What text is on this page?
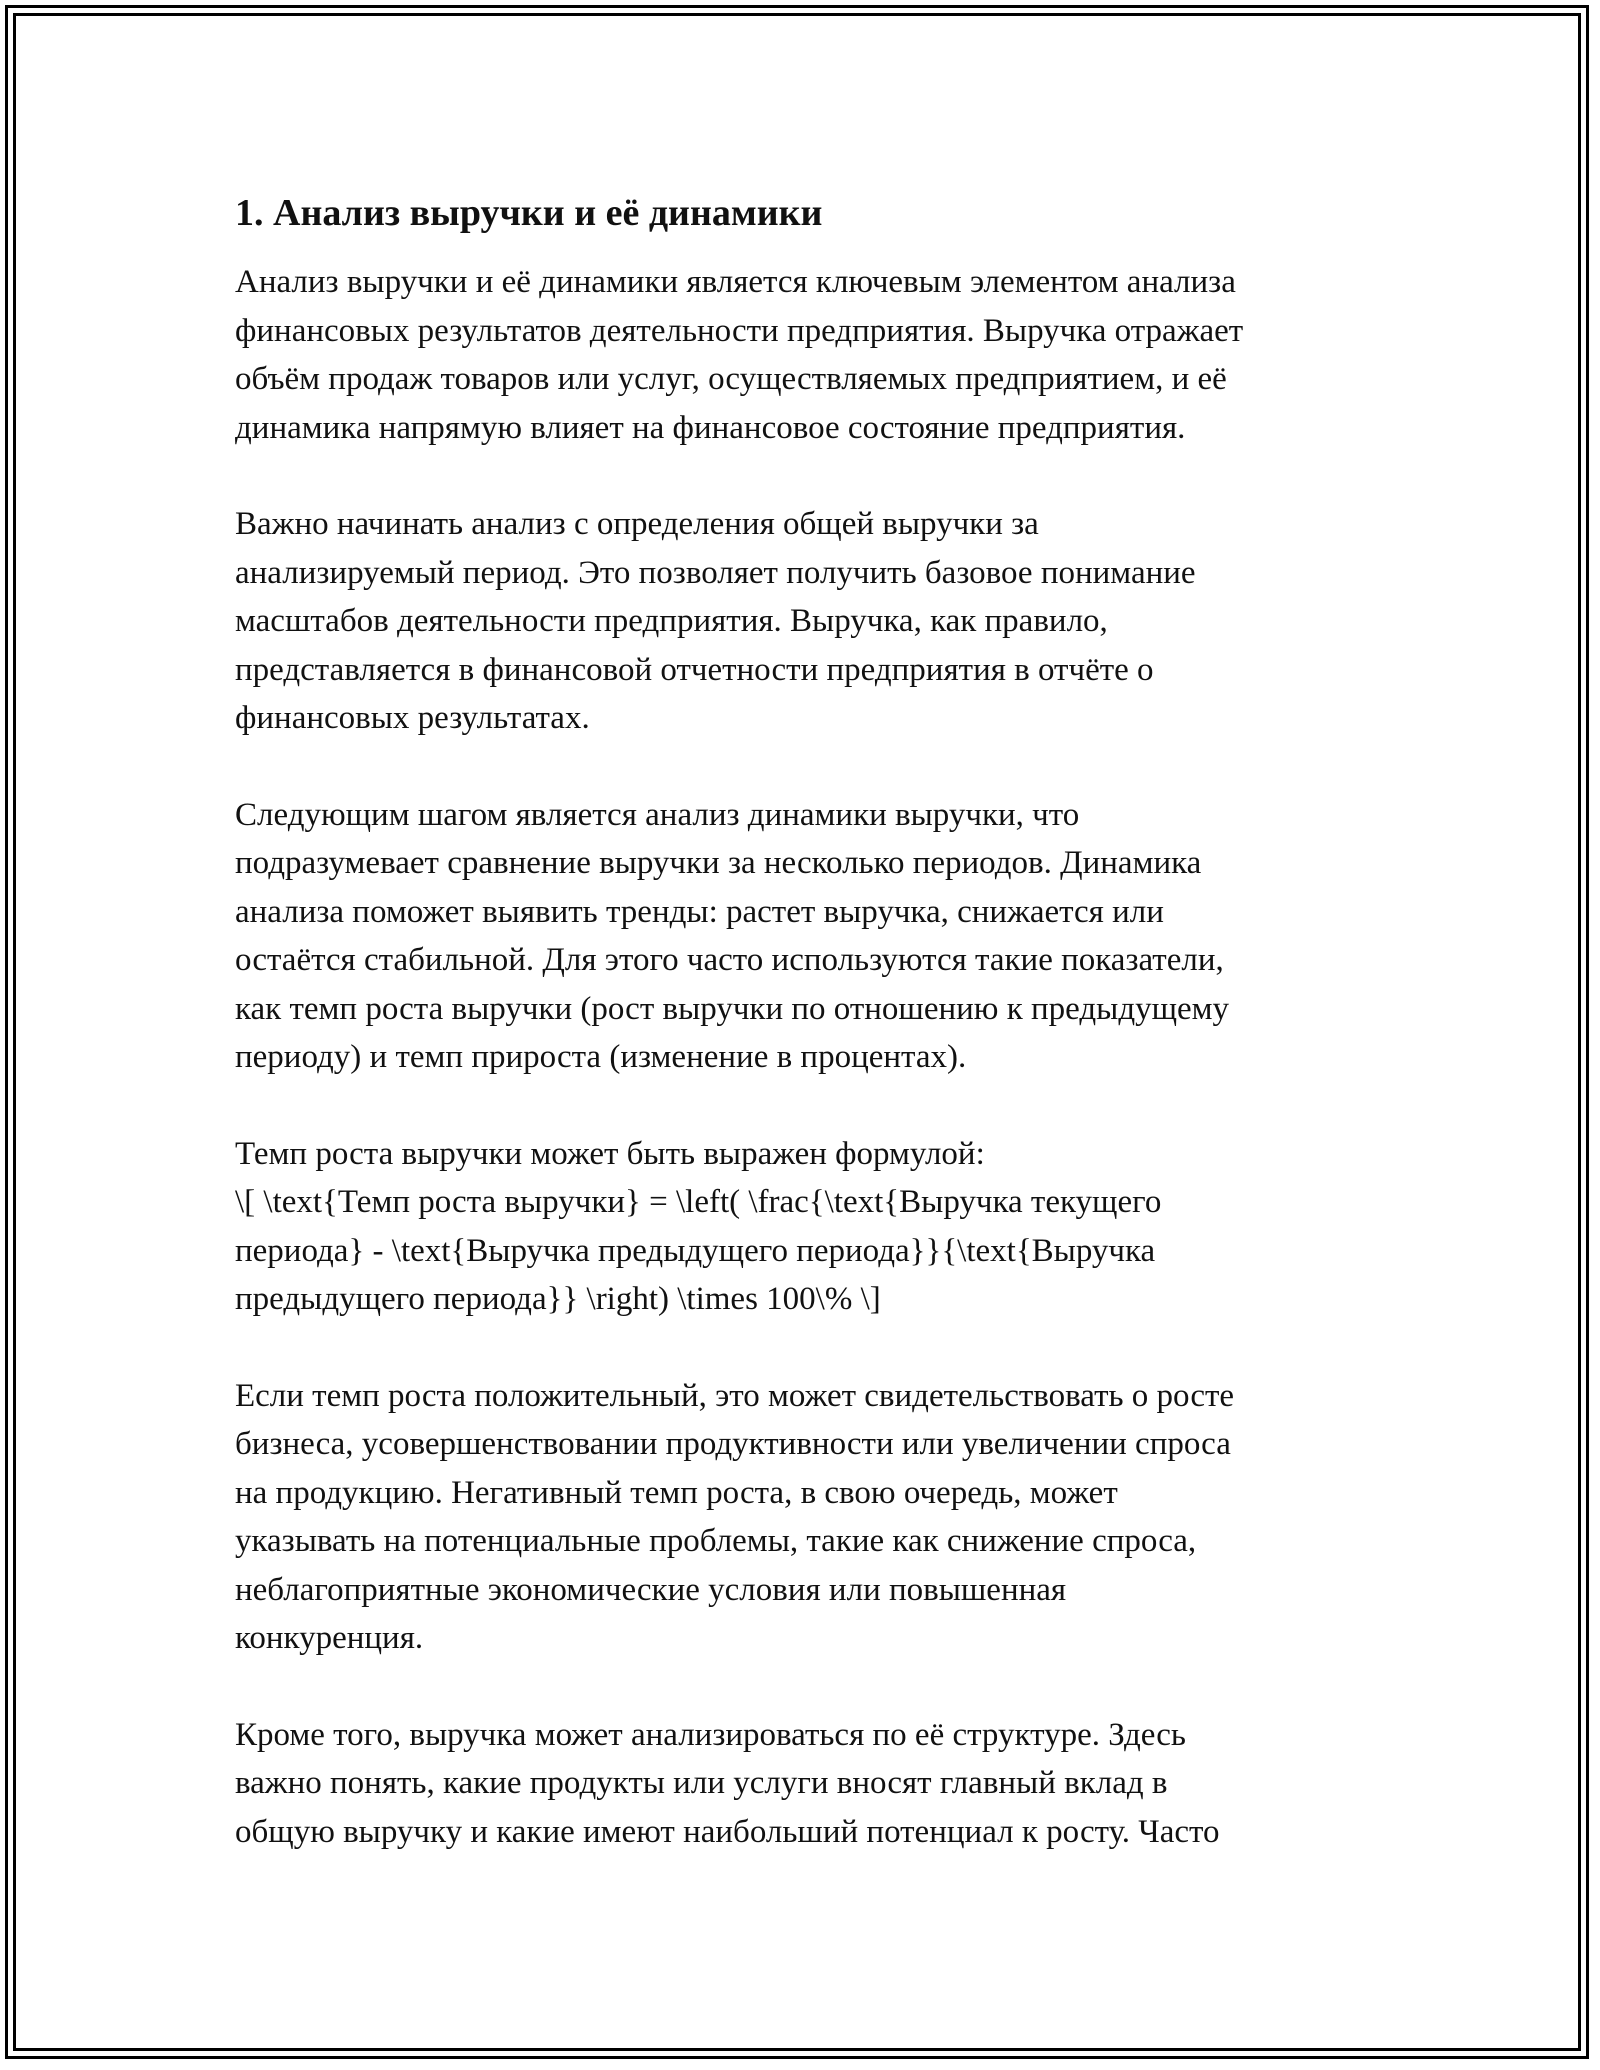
1. Анализ выручки и её динамики

Анализ выручки и её динамики является ключевым элементом анализа
финансовых результатов деятельности предприятия. Выручка отражает
объём продаж товаров или услуг, осуществляемых предприятием, и её
динамика напрямую влияет на финансовое состояние предприятия.

Важно начинать анализ с определения общей выручки за
анализируемый период. Это позволяет получить базовое понимание
масштабов деятельности предприятия. Выручка, как правило,
представляется в финансовой отчетности предприятия в отчёте о
финансовых результатах.

Следующим шагом является анализ динамики выручки, что
подразумевает сравнение выручки за несколько периодов. Динамика
анализа поможет выявить тренды: растет выручка, снижается или
остаётся стабильной. Для этого часто используются такие показатели,
как темп роста выручки (рост выручки по отношению к предыдущему
периоду) и темп прироста (изменение в процентах).

Темп роста выручки может быть выражен формулой:
\[ \text{Темп роста выручки} = \left( \frac{\text{Выручка текущего
периода} - \text{Выручка предыдущего периода}}{\text{Выручка
предыдущего периода}} \right) \times 100\% \]

Если темп роста положительный, это может свидетельствовать о росте
бизнеса, усовершенствовании продуктивности или увеличении спроса
на продукцию. Негативный темп роста, в свою очередь, может
указывать на потенциальные проблемы, такие как снижение спроса,
неблагоприятные экономические условия или повышенная
конкуренция.

Кроме того, выручка может анализироваться по её структуре. Здесь
важно понять, какие продукты или услуги вносят главный вклад в
общую выручку и какие имеют наибольший потенциал к росту. Часто
